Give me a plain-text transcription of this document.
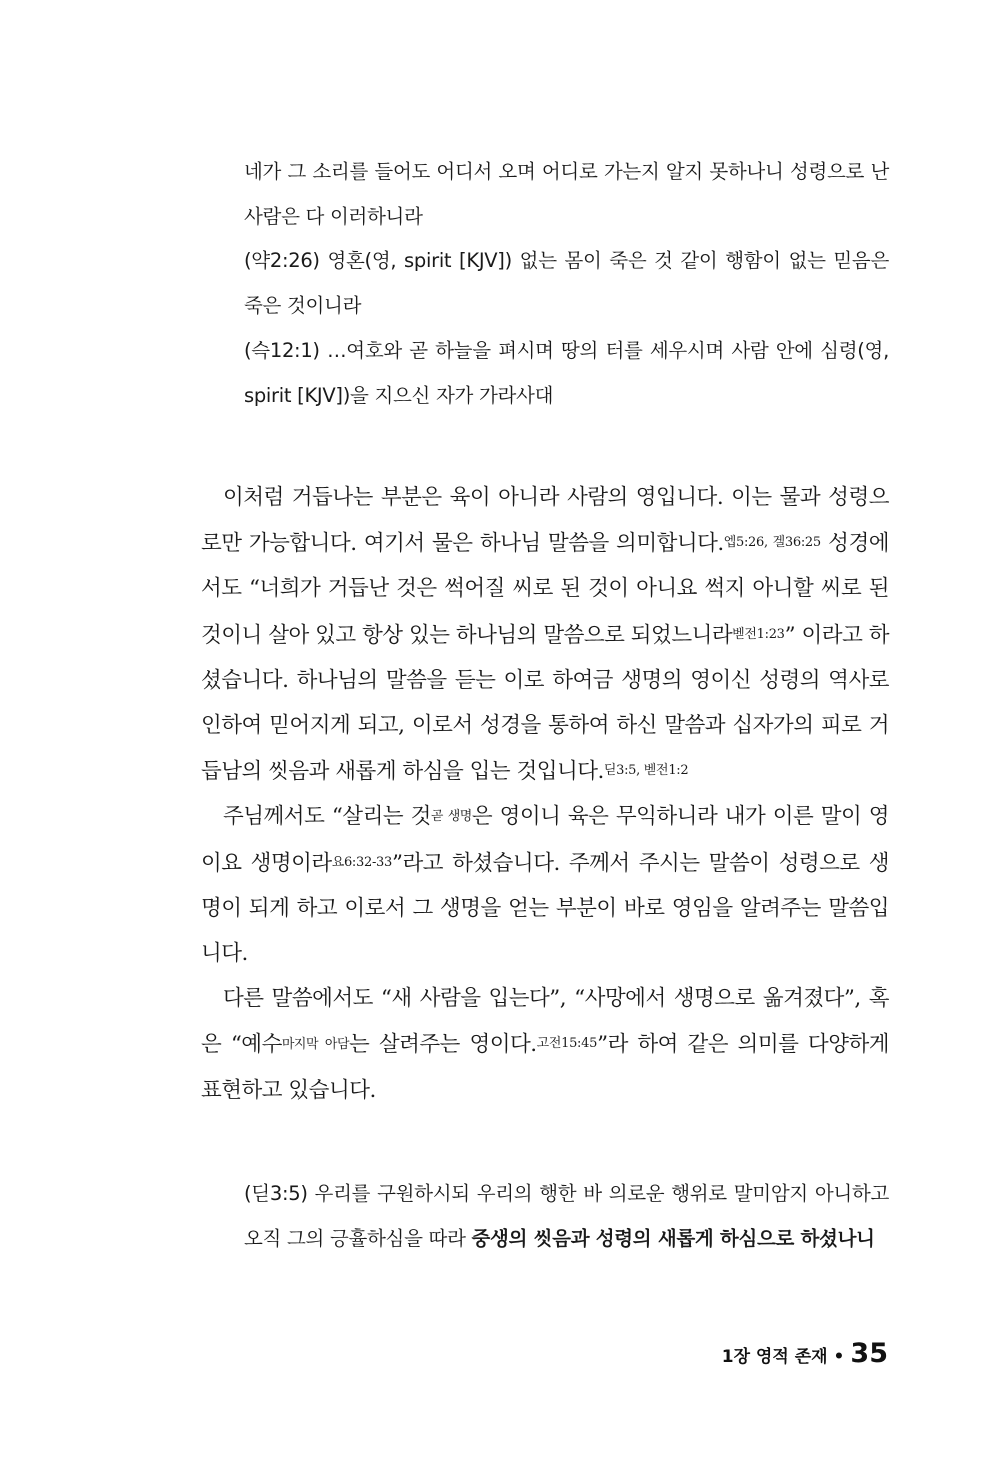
네가 그 소리를 들어도 어디서 오며 어디로 가는지 알지 못하나니 성령으로 난 사람은 다 이러하니라

(약2:26) 영혼(영, spirit [KJV]) 없는 몸이 죽은 것 같이 행함이 없는 믿음은 죽은 것이니라

(슥12:1) …여호와 곧 하늘을 펴시며 땅의 터를 세우시며 사람 안에 심령(영, spirit [KJV])을 지으신 자가 가라사대

이처럼 거듭나는 부분은 육이 아니라 사람의 영입니다. 이는 물과 성령으로만 가능합니다. 여기서 물은 하나님 말씀을 의미합니다.엡5:26, 겔36:25 성경에서도 “너희가 거듭난 것은 썩어질 씨로 된 것이 아니요 썩지 아니할 씨로 된 것이니 살아 있고 항상 있는 하나님의 말씀으로 되었느니라벧전1:23” 이라고 하셨습니다. 하나님의 말씀을 듣는 이로 하여금 생명의 영이신 성령의 역사로 인하여 믿어지게 되고, 이로서 성경을 통하여 하신 말씀과 십자가의 피로 거듭남의 씻음과 새롭게 하심을 입는 것입니다.딛3:5, 벧전1:2

주님께서도 “살리는 것곧 생명은 영이니 육은 무익하니라 내가 이른 말이 영이요 생명이라요6:32-33”라고 하셨습니다. 주께서 주시는 말씀이 성령으로 생명이 되게 하고 이로서 그 생명을 얻는 부분이 바로 영임을 알려주는 말씀입니다.

다른 말씀에서도 “새 사람을 입는다”, “사망에서 생명으로 옮겨졌다”, 혹은 “예수마지막 아담는 살려주는 영이다.고전15:45”라 하여 같은 의미를 다양하게 표현하고 있습니다.

(딛3:5) 우리를 구원하시되 우리의 행한 바 의로운 행위로 말미암지 아니하고 오직 그의 긍휼하심을 따라 중생의 씻음과 성령의 새롭게 하심으로 하셨나니

1장 영적 존재 • 35
